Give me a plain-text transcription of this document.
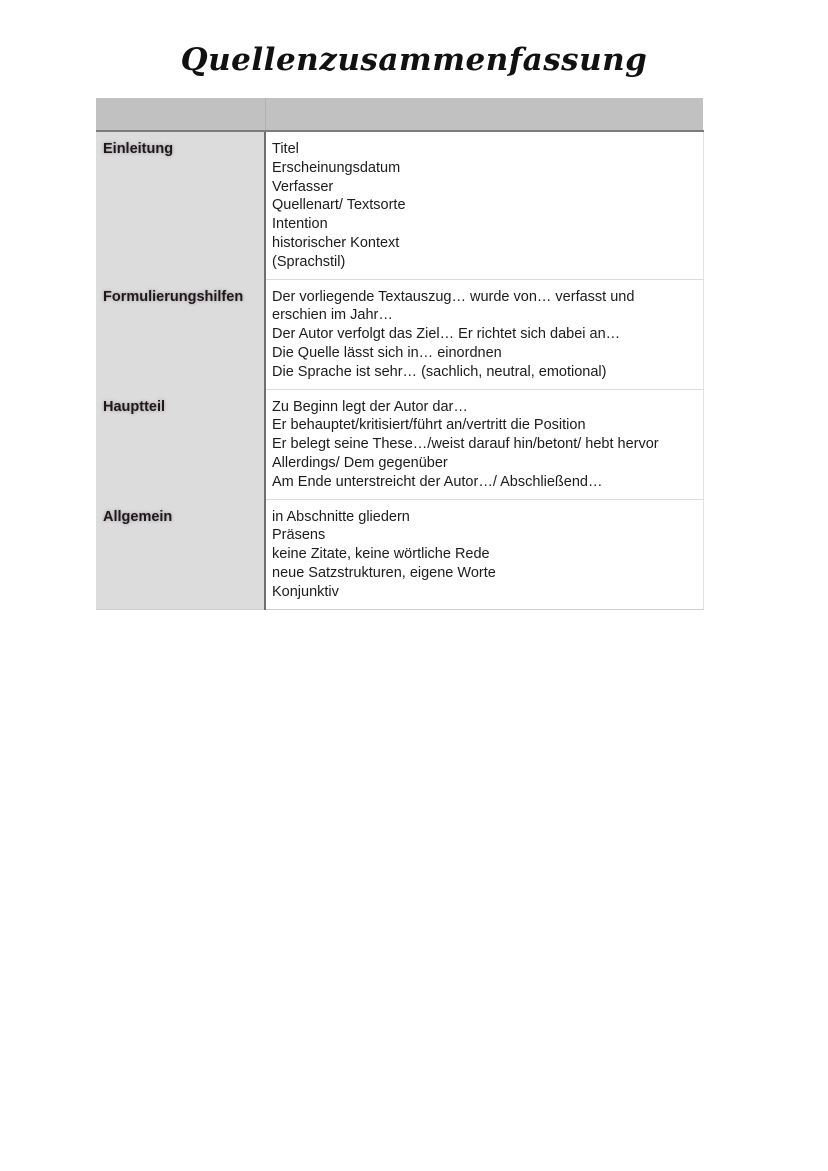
Quellenzusammenfassung

Einleitung	Titel
Erscheinungsdatum
Verfasser
Quellenart/ Textsorte
Intention
historischer Kontext
(Sprachstil)

Formulierungshilfen	Der vorliegende Textauszug… wurde von… verfasst und
erschien im Jahr…
Der Autor verfolgt das Ziel… Er richtet sich dabei an…
Die Quelle lässt sich in… einordnen
Die Sprache ist sehr… (sachlich, neutral, emotional)

Hauptteil	Zu Beginn legt der Autor dar…
Er behauptet/kritisiert/führt an/vertritt die Position
Er belegt seine These…/weist darauf hin/betont/ hebt hervor
Allerdings/ Dem gegenüber
Am Ende unterstreicht der Autor…/ Abschließend…

Allgemein	in Abschnitte gliedern
Präsens
keine Zitate, keine wörtliche Rede
neue Satzstrukturen, eigene Worte
Konjunktiv
